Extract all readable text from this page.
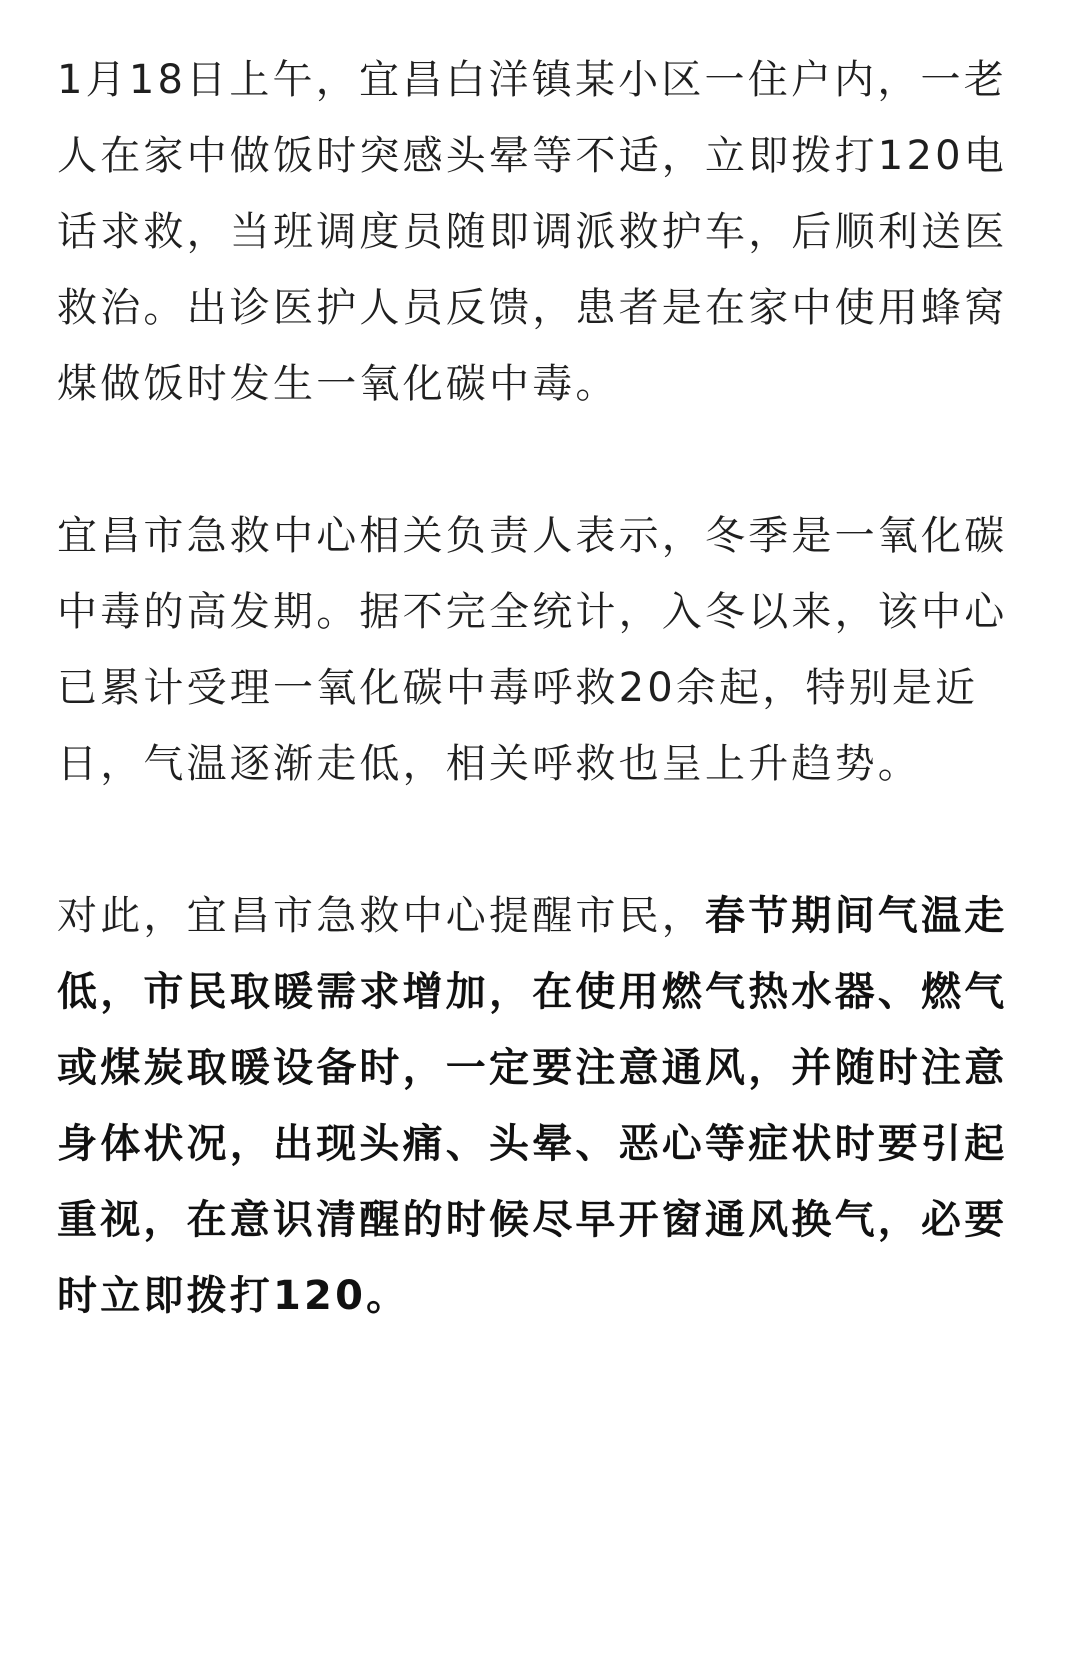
1月18日上午，宜昌白洋镇某小区一住户内，一老人在家中做饭时突感头晕等不适，立即拨打120电话求救，当班调度员随即调派救护车，后顺利送医救治。出诊医护人员反馈，患者是在家中使用蜂窝煤做饭时发生一氧化碳中毒。

宜昌市急救中心相关负责人表示，冬季是一氧化碳中毒的高发期。据不完全统计，入冬以来，该中心已累计受理一氧化碳中毒呼救20余起，特别是近日，气温逐渐走低，相关呼救也呈上升趋势。

对此，宜昌市急救中心提醒市民，春节期间气温走低，市民取暖需求增加，在使用燃气热水器、燃气或煤炭取暖设备时，一定要注意通风，并随时注意身体状况，出现头痛、头晕、恶心等症状时要引起重视，在意识清醒的时候尽早开窗通风换气，必要时立即拨打120。
